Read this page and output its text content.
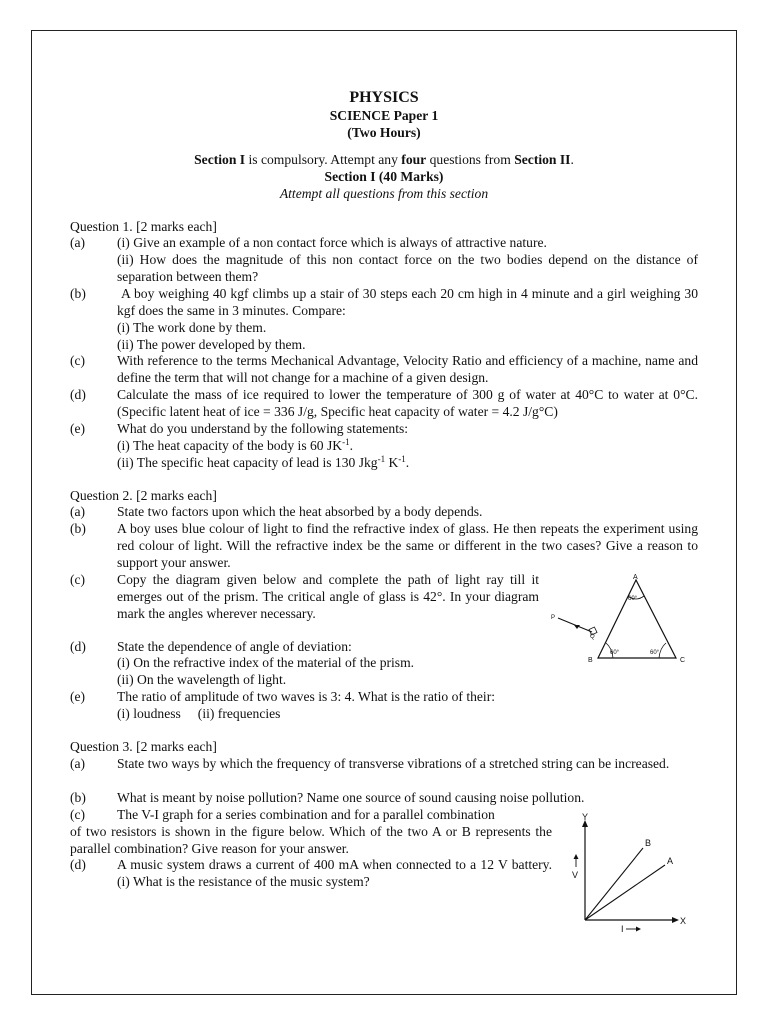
PHYSICS
SCIENCE Paper 1
(Two Hours)
Section I is compulsory. Attempt any four questions from Section II.
Section I (40 Marks)
Attempt all questions from this section
Question 1. [2 marks each]
(a) (i) Give an example of a non contact force which is always of attractive nature.
(ii) How does the magnitude of this non contact force on the two bodies depend on the distance of separation between them?
(b)	A boy weighing 40 kgf climbs up a stair of 30 steps each 20 cm high in 4 minute and a girl weighing 30 kgf does the same in 3 minutes. Compare:
(i) The work done by them.
(ii) The power developed by them.
(c) With reference to the terms Mechanical Advantage, Velocity Ratio and efficiency of a machine, name and define the term that will not change for a machine of a given design.
(d) Calculate the mass of ice required to lower the temperature of 300 g of water at 40°C to water at 0°C. (Specific latent heat of ice = 336 J/g, Specific heat capacity of water = 4.2 J/g°C)
(e) What do you understand by the following statements:
(i) The heat capacity of the body is 60 $JK^{-1}$.
(ii) The specific heat capacity of lead is 130 Jkg$^{-1}$ $K^{-1}$.
Question 2. [2 marks each]
(a) State two factors upon which the heat absorbed by a body depends.
(b) A boy uses blue colour of light to find the refractive index of glass. He then repeats the experiment using red colour of light. Will the refractive index be the same or different in the two cases? Give a reason to support your answer.
(c) Copy the diagram given below and complete the path of light ray till it emerges out of the prism. The critical angle of glass is 42°. In your diagram mark the angles wherever necessary.
(d) State the dependence of angle of deviation:
(i) On the refractive index of the material of the prism.
(ii) On the wavelength of light.
(e) The ratio of amplitude of two waves is 3: 4. What is the ratio of their:
(i) loudness     (ii) frequencies
A
B	C
P
Q
60°
60°	60°
Question 3. [2 marks each]
(a) State two ways by which the frequency of transverse vibrations of a stretched string can be increased.
(b) What is meant by noise pollution? Name one source of sound causing noise pollution.
(c) The V-I graph for a series combination and for a parallel combination
of two resistors is shown in the figure below. Which of the two A or B represents the parallel combination? Give reason for your answer.
(d) A music system draws a current of 400 mA when connected to a 12 V battery. (i) What is the resistance of the music system?
Y
X
V
I
B
A
